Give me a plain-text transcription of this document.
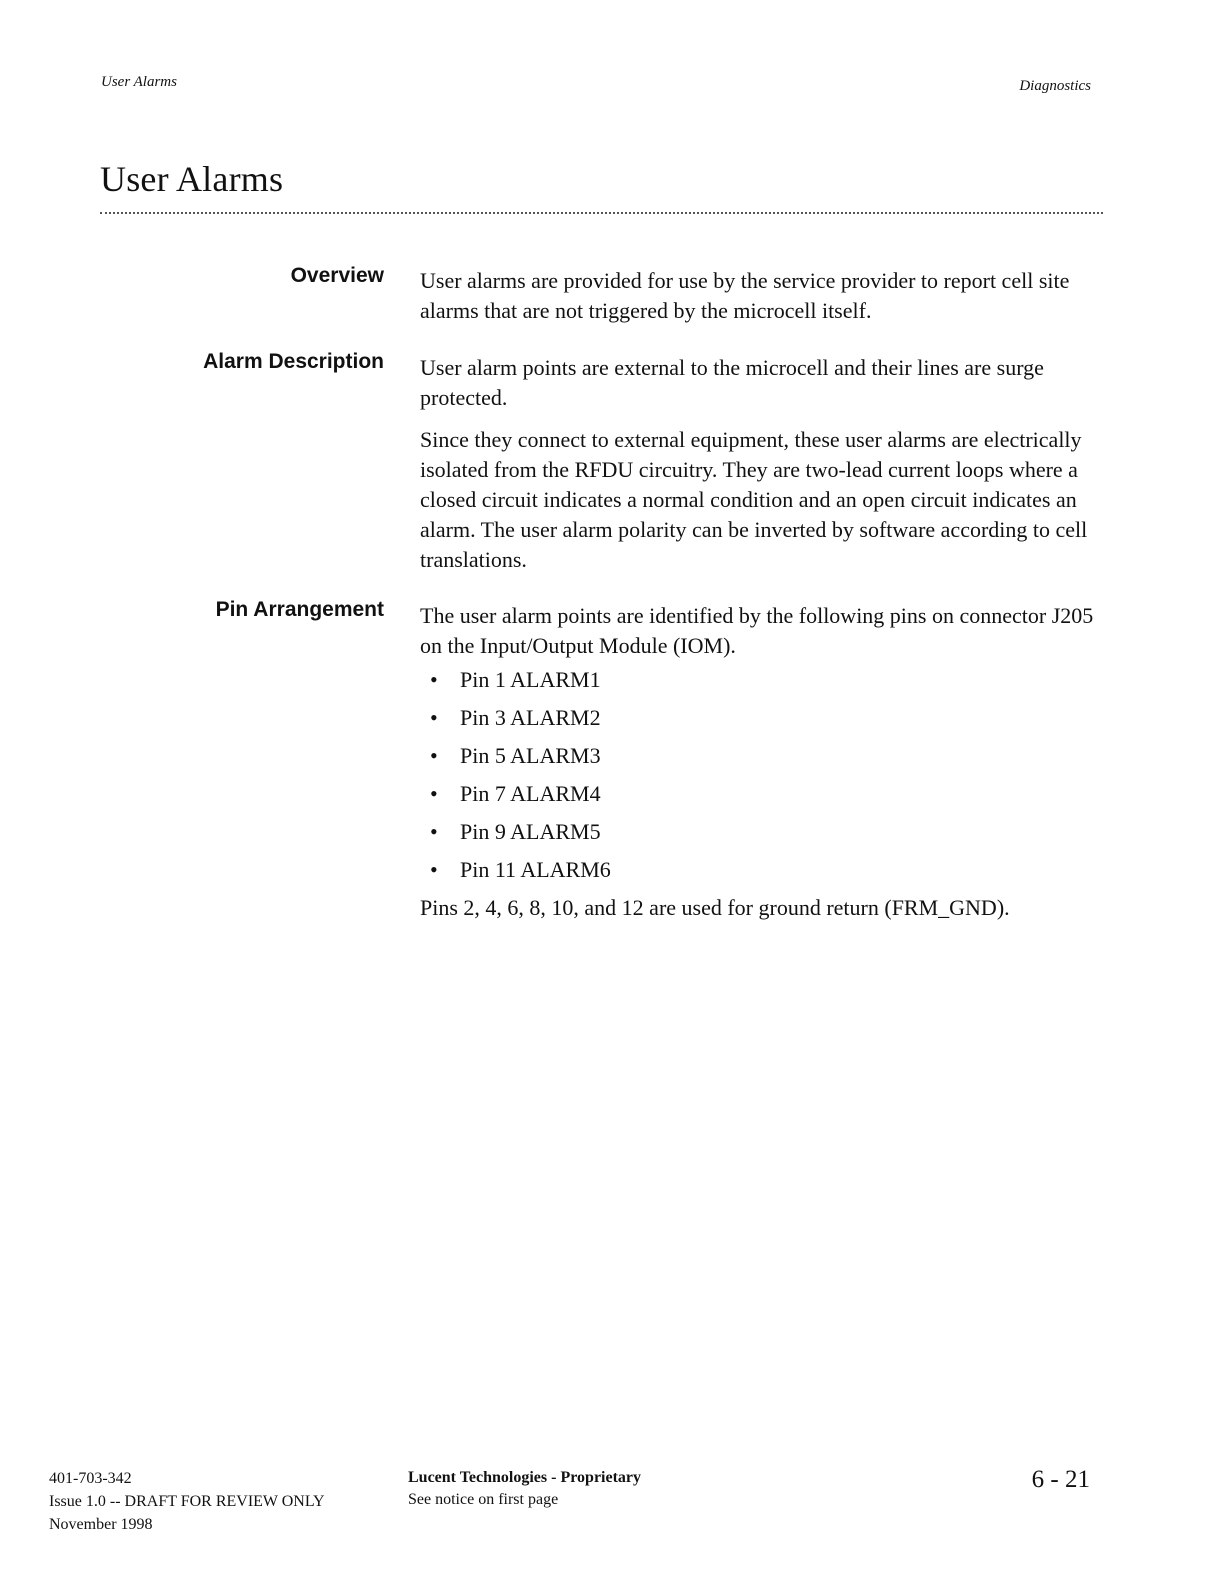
User Alarms	Diagnostics
User Alarms
Overview User alarms are provided for use by the service provider to report cell site alarms that are not triggered by the microcell itself.

Alarm Description User alarm points are external to the microcell and their lines are surge protected.

Since they connect to external equipment, these user alarms are electrically isolated from the RFDU circuitry. They are two-lead current loops where a closed circuit indicates a normal condition and an open circuit indicates an alarm. The user alarm polarity can be inverted by software according to cell translations.

Pin Arrangement The user alarm points are identified by the following pins on connector J205 on the Input/Output Module (IOM).

• Pin 1 ALARM1
• Pin 3 ALARM2
• Pin 5 ALARM3
• Pin 7 ALARM4
• Pin 9 ALARM5
• Pin 11 ALARM6

Pins 2, 4, 6, 8, 10, and 12 are used for ground return (FRM_GND).

401-703-342
Issue 1.0 -- DRAFT FOR REVIEW ONLY
November 1998
Lucent Technologies - Proprietary
See notice on first page
6 - 21
